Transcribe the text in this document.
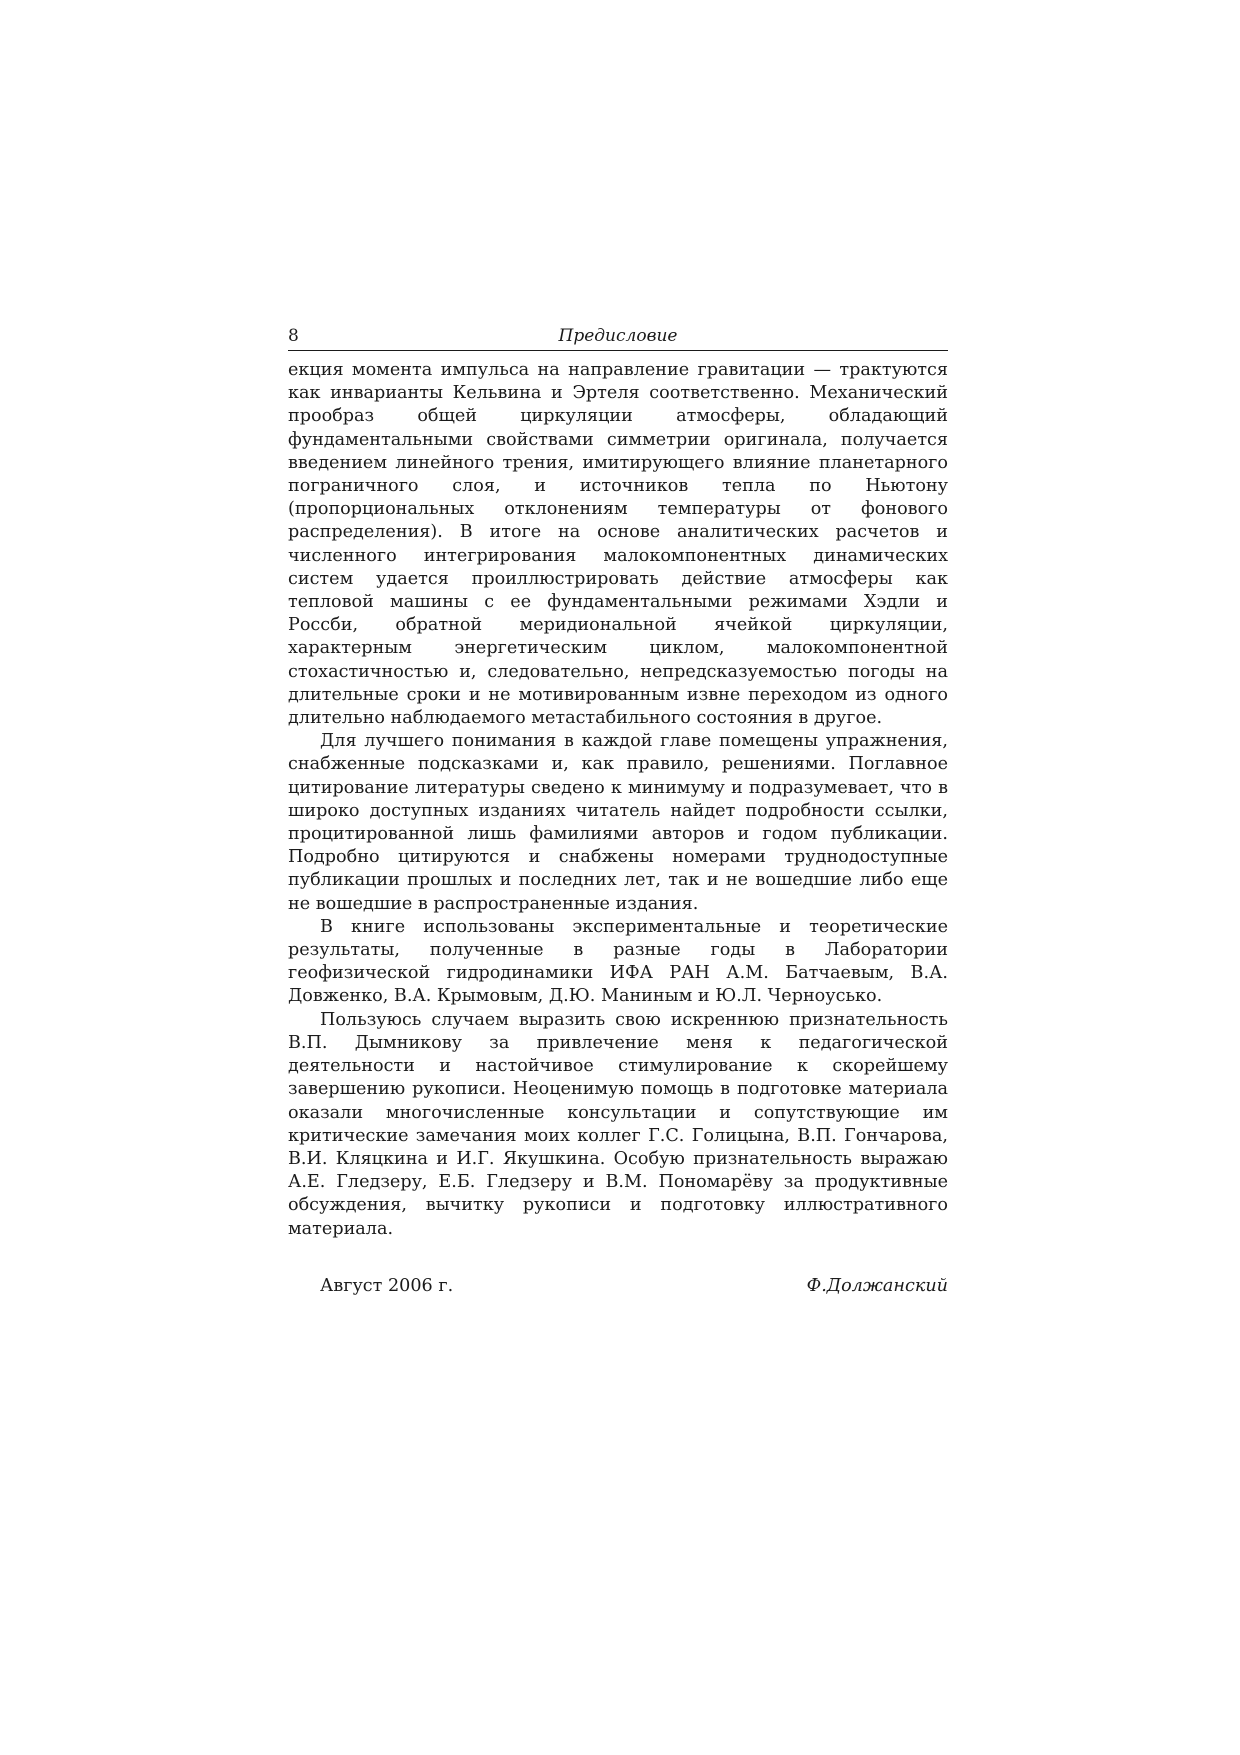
8	Предисловие

екция момента импульса на направление гравитации — трактуются как инварианты Кельвина и Эртеля соответственно. Механический прообраз общей циркуляции атмосферы, обладающий фундаментальными свойствами симметрии оригинала, получается введением линейного трения, имитирующего влияние планетарного пограничного слоя, и источников тепла по Ньютону (пропорциональных отклонениям температуры от фонового распределения). В итоге на основе аналитических расчетов и численного интегрирования малокомпонентных динамических систем удается проиллюстрировать действие атмосферы как тепловой машины с ее фундаментальными режимами Хэдли и Россби, обратной меридиональной ячейкой циркуляции, характерным энергетическим циклом, малокомпонентной стохастичностью и, следовательно, непредсказуемостью погоды на длительные сроки и не мотивированным извне переходом из одного длительно наблюдаемого метастабильного состояния в другое.

Для лучшего понимания в каждой главе помещены упражнения, снабженные подсказками и, как правило, решениями. Поглавное цитирование литературы сведено к минимуму и подразумевает, что в широко доступных изданиях читатель найдет подробности ссылки, процитированной лишь фамилиями авторов и годом публикации. Подробно цитируются и снабжены номерами труднодоступные публикации прошлых и последних лет, так и не вошедшие либо еще не вошедшие в распространенные издания.

В книге использованы экспериментальные и теоретические результаты, полученные в разные годы в Лаборатории геофизической гидродинамики ИФА РАН А.М. Батчаевым, В.А. Довженко, В.А. Крымовым, Д.Ю. Маниным и Ю.Л. Черноусько.

Пользуюсь случаем выразить свою искреннюю признательность В.П. Дымникову за привлечение меня к педагогической деятельности и настойчивое стимулирование к скорейшему завершению рукописи. Неоценимую помощь в подготовке материала оказали многочисленные консультации и сопутствующие им критические замечания моих коллег Г.С. Голицына, В.П. Гончарова, В.И. Кляцкина и И.Г. Якушкина. Особую признательность выражаю А.Е. Гледзеру, Е.Б. Гледзеру и В.М. Пономарёву за продуктивные обсуждения, вычитку рукописи и подготовку иллюстративного материала.

Август 2006 г.	Ф.Должанский
